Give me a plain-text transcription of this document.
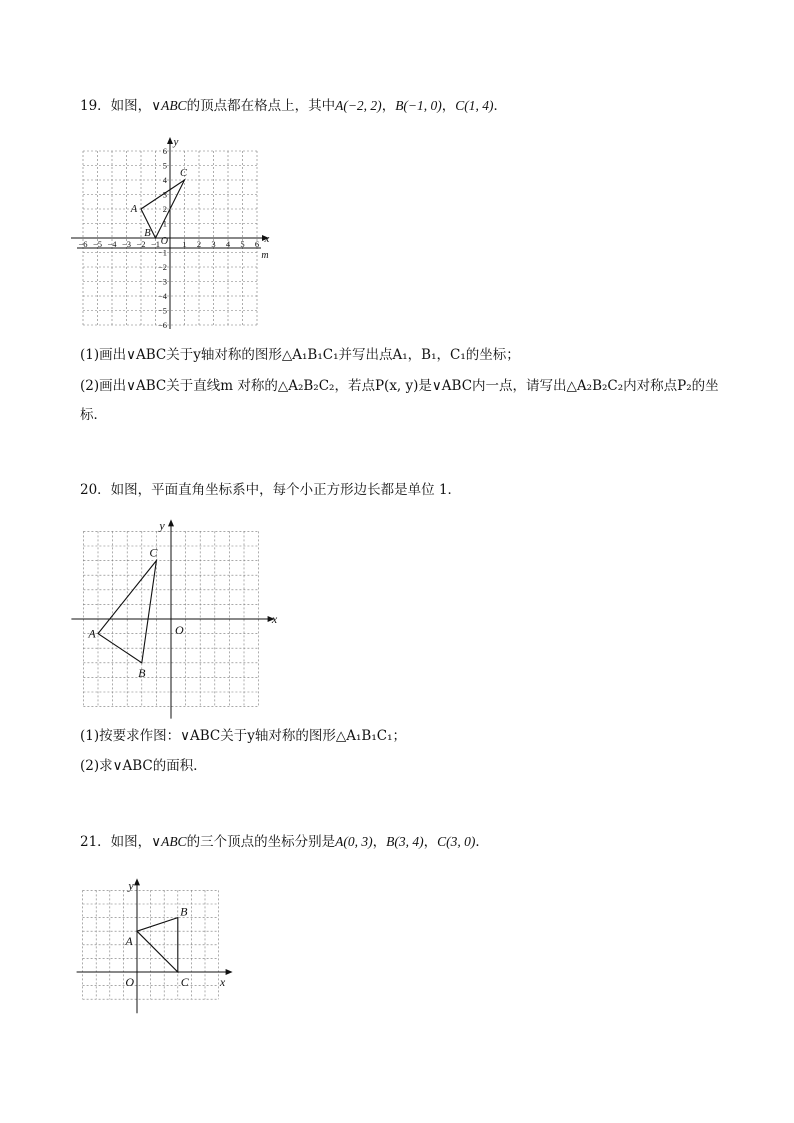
19．如图，∨ABC的顶点都在格点上，其中A(−2, 2)，B(−1, 0)，C(1, 4)．
m
x
y
O
−6 −5 −4 −3 −2 −1	1 2 3 4 5 6
6
5
4
3
2
1
−1
−2
−3
−4
−5
−6
A
B
C
(1)画出∨ABC关于y轴对称的图形△A₁B₁C₁并写出点A₁，B₁，C₁的坐标；
(2)画出∨ABC关于直线m 对称的△A₂B₂C₂，若点P(x, y)是∨ABC内一点，请写出△A₂B₂C₂内对称点P₂的坐
标．
20．如图，平面直角坐标系中，每个小正方形边长都是单位 1．
x
y
O
A
B
C
(1)按要求作图：∨ABC关于y轴对称的图形△A₁B₁C₁；
(2)求∨ABC的面积．
21．如图，∨ABC的三个顶点的坐标分别是A(0, 3)，B(3, 4)，C(3, 0)．
x
y
O
A
B
C
